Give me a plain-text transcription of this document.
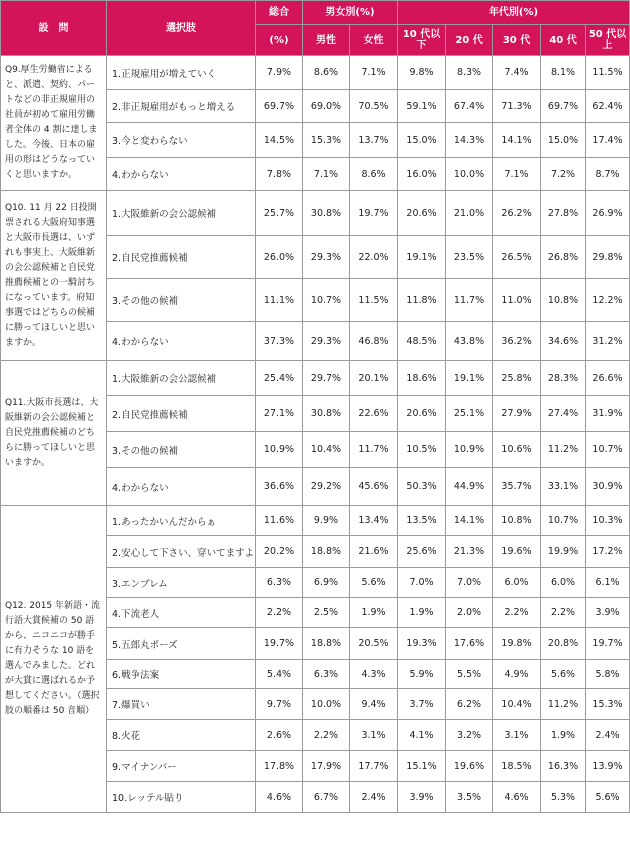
設　問	選択肢	総合	男女別(%)		年代別(%)				
		(%)	男性	女性	10 代以下	20 代	30 代	40 代	50 代以上
Q9.厚生労働省によると、派遣、契約、パートなどの非正規雇用の社員が初めて雇用労働者全体の 4 割に達しました。今後、日本の雇用の形はどうなっていくと思いますか。	1.正規雇用が増えていく	7.9%	8.6%	7.1%	9.8%	8.3%	7.4%	8.1%	11.5%
	2.非正規雇用がもっと増える	69.7%	69.0%	70.5%	59.1%	67.4%	71.3%	69.7%	62.4%
	3.今と変わらない	14.5%	15.3%	13.7%	15.0%	14.3%	14.1%	15.0%	17.4%
	4.わからない	7.8%	7.1%	8.6%	16.0%	10.0%	7.1%	7.2%	8.7%
Q10. 11 月 22 日投開票される大阪府知事選と大阪市長選は、いずれも事実上、大阪維新の会公認候補と自民党推薦候補との一騎討ちになっています。府知事選ではどちらの候補に勝ってほしいと思いますか。	1.大阪維新の会公認候補	25.7%	30.8%	19.7%	20.6%	21.0%	26.2%	27.8%	26.9%
	2.自民党推薦候補	26.0%	29.3%	22.0%	19.1%	23.5%	26.5%	26.8%	29.8%
	3.その他の候補	11.1%	10.7%	11.5%	11.8%	11.7%	11.0%	10.8%	12.2%
	4.わからない	37.3%	29.3%	46.8%	48.5%	43.8%	36.2%	34.6%	31.2%
Q11.大阪市長選は、大阪維新の会公認候補と自民党推薦候補のどちらに勝ってほしいと思いますか。	1.大阪維新の会公認候補	25.4%	29.7%	20.1%	18.6%	19.1%	25.8%	28.3%	26.6%
	2.自民党推薦候補	27.1%	30.8%	22.6%	20.6%	25.1%	27.9%	27.4%	31.9%
	3.その他の候補	10.9%	10.4%	11.7%	10.5%	10.9%	10.6%	11.2%	10.7%
	4.わからない	36.6%	29.2%	45.6%	50.3%	44.9%	35.7%	33.1%	30.9%
Q12. 2015 年新語・流行語大賞候補の 50 語から、ニコニコが勝手に有力そうな 10 語を選んでみました。どれが大賞に選ばれるか予想してください。（選択肢の順番は 50 音順）	1.あったかいんだからぁ	11.6%	9.9%	13.4%	13.5%	14.1%	10.8%	10.7%	10.3%
	2.安心して下さい、穿いてますよ	20.2%	18.8%	21.6%	25.6%	21.3%	19.6%	19.9%	17.2%
	3.エンブレム	6.3%	6.9%	5.6%	7.0%	7.0%	6.0%	6.0%	6.1%
	4.下流老人	2.2%	2.5%	1.9%	1.9%	2.0%	2.2%	2.2%	3.9%
	5.五郎丸ポーズ	19.7%	18.8%	20.5%	19.3%	17.6%	19.8%	20.8%	19.7%
	6.戦争法案	5.4%	6.3%	4.3%	5.9%	5.5%	4.9%	5.6%	5.8%
	7.爆買い	9.7%	10.0%	9.4%	3.7%	6.2%	10.4%	11.2%	15.3%
	8.火花	2.6%	2.2%	3.1%	4.1%	3.2%	3.1%	1.9%	2.4%
	9.マイナンバー	17.8%	17.9%	17.7%	15.1%	19.6%	18.5%	16.3%	13.9%
	10.レッテル貼り	4.6%	6.7%	2.4%	3.9%	3.5%	4.6%	5.3%	5.6%
